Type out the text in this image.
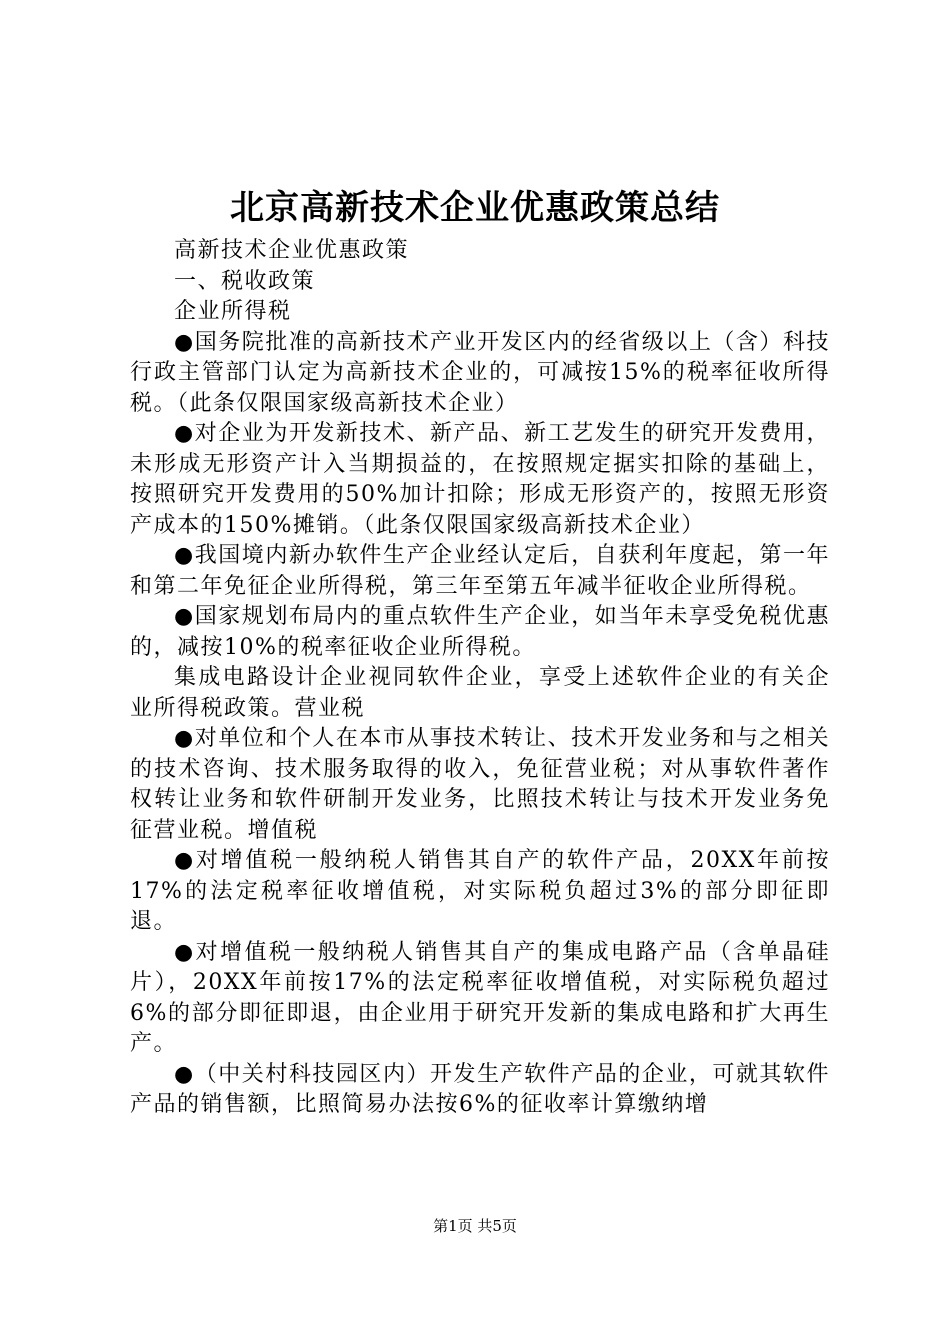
北京高新技术企业优惠政策总结

高新技术企业优惠政策

一、税收政策

企业所得税

●国务院批准的高新技术产业开发区内的经省级以上（含）科技行政主管部门认定为高新技术企业的，可减按15%的税率征收所得税。（此条仅限国家级高新技术企业）

●对企业为开发新技术、新产品、新工艺发生的研究开发费用，未形成无形资产计入当期损益的，在按照规定据实扣除的基础上，按照研究开发费用的50%加计扣除；形成无形资产的，按照无形资产成本的150%摊销。（此条仅限国家级高新技术企业）

●我国境内新办软件生产企业经认定后，自获利年度起，第一年和第二年免征企业所得税，第三年至第五年减半征收企业所得税。

●国家规划布局内的重点软件生产企业，如当年未享受免税优惠的，减按10%的税率征收企业所得税。

集成电路设计企业视同软件企业，享受上述软件企业的有关企业所得税政策。营业税

●对单位和个人在本市从事技术转让、技术开发业务和与之相关的技术咨询、技术服务取得的收入，免征营业税；对从事软件著作权转让业务和软件研制开发业务，比照技术转让与技术开发业务免征营业税。增值税

●对增值税一般纳税人销售其自产的软件产品，20XX年前按17%的法定税率征收增值税，对实际税负超过3%的部分即征即退。

●对增值税一般纳税人销售其自产的集成电路产品（含单晶硅片），20XX年前按17%的法定税率征收增值税，对实际税负超过6%的部分即征即退，由企业用于研究开发新的集成电路和扩大再生产。

●（中关村科技园区内）开发生产软件产品的企业，可就其软件产品的销售额，比照简易办法按6%的征收率计算缴纳增

第1页 共5页
